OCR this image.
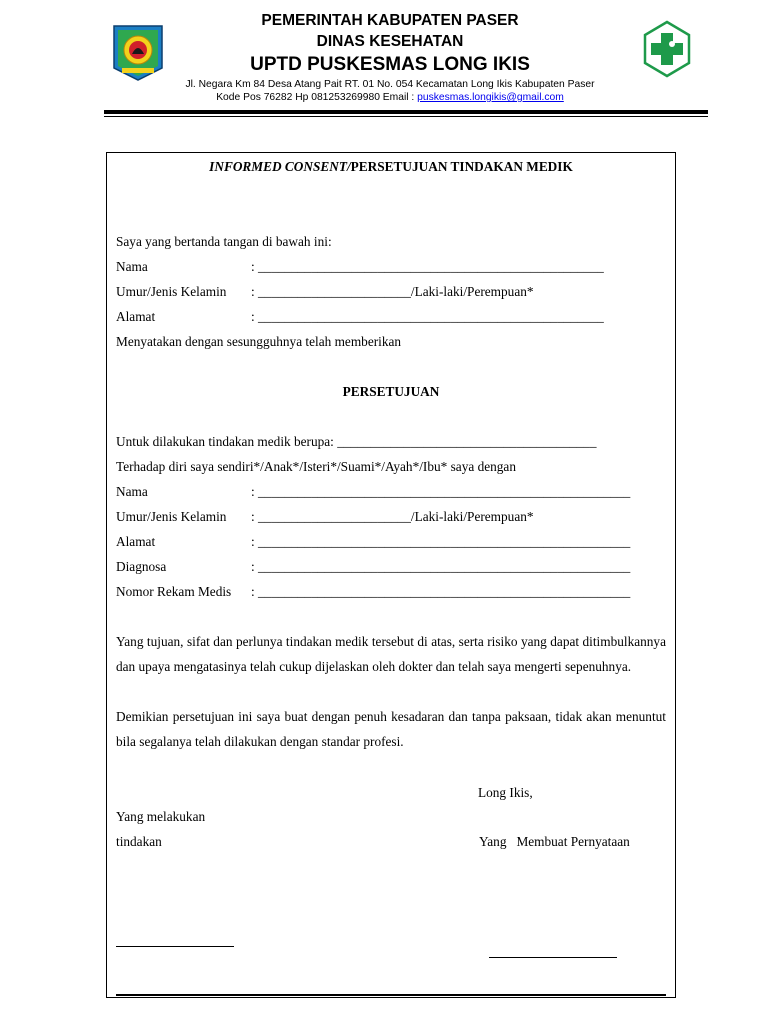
PEMERINTAH KABUPATEN PASER
DINAS KESEHATAN
UPTD PUSKESMAS LONG IKIS
Jl. Negara Km 84 Desa Atang Pait RT. 01 No. 054 Kecamatan Long Ikis Kabupaten Paser
Kode Pos 76282 Hp 081253269980 Email : puskesmas.longikis@gmail.com
INFORMED CONSENT/PERSETUJUAN TINDAKAN MEDIK
Saya yang bertanda tangan di bawah ini:
Nama	: ____________________________________________________
Umur/Jenis Kelamin : _______________________/Laki-laki/Perempuan*
Alamat	: ____________________________________________________
Menyatakan dengan sesungguhnya telah memberikan
PERSETUJUAN
Untuk dilakukan tindakan medik berupa: _______________________________________
Terhadap diri saya sendiri*/Anak*/Isteri*/Suami*/Ayah*/Ibu* saya dengan
Nama	: ________________________________________________________
Umur/Jenis Kelamin : _______________________/Laki-laki/Perempuan*
Alamat	: ________________________________________________________
Diagnosa	: ________________________________________________________
Nomor Rekam Medis : ________________________________________________________
Yang tujuan, sifat dan perlunya tindakan medik tersebut di atas, serta risiko yang dapat ditimbulkannya dan upaya mengatasinya telah cukup dijelaskan oleh dokter dan telah saya mengerti sepenuhnya.
Demikian persetujuan ini saya buat dengan penuh kesadaran dan tanpa paksaan, tidak akan menuntut bila segalanya telah dilakukan dengan standar profesi.
Long Ikis,
Yang melakukan
tindakan	Yang   Membuat Pernyataan
